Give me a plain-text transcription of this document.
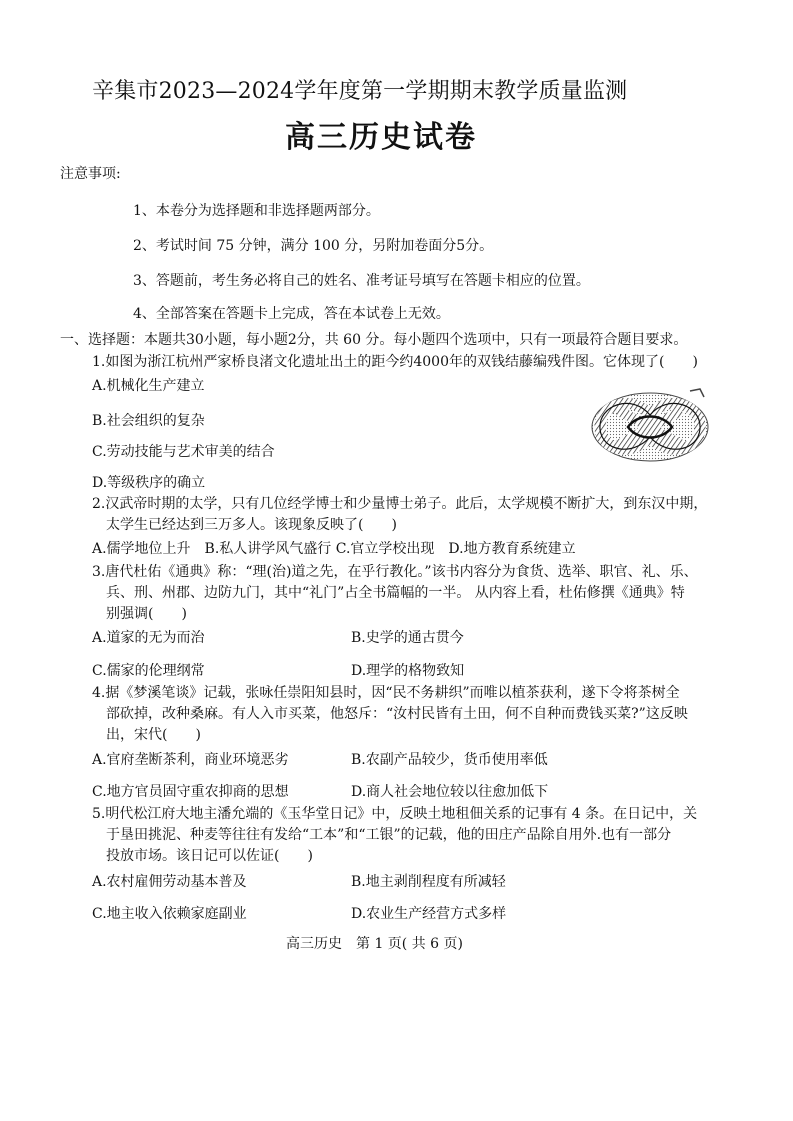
辛集市2023—2024学年度第一学期期末教学质量监测
高三历史试卷
注意事项:
1、本卷分为选择题和非选择题两部分。
2、考试时间 75 分钟，满分 100 分，另附加卷面分5分。
3、答题前，考生务必将自己的姓名、准考证号填写在答题卡相应的位置。
4、全部答案在答题卡上完成，答在本试卷上无效。
一、选择题：本题共30小题，每小题2分，共 60 分。每小题四个选项中，只有一项最符合题目要求。
1.如图为浙江杭州严家桥良渚文化遗址出土的距今约4000年的双钱结藤编残件图。它体现了(　　)
A.机械化生产建立
B.社会组织的复杂
C.劳动技能与艺术审美的结合
D.等级秩序的确立
2.汉武帝时期的太学，只有几位经学博士和少量博士弟子。此后，太学规模不断扩大，到东汉中期，
太学生已经达到三万多人。该现象反映了(　　)
A.儒学地位上升　B.私人讲学风气盛行 C.官立学校出现　D.地方教育系统建立
3.唐代杜佑《通典》称：“理(治)道之先，在乎行教化。”该书内容分为食货、选举、职官、礼、乐、
兵、刑、州郡、边防九门，其中“礼门”占全书篇幅的一半。 从内容上看，杜佑修撰《通典》特
别强调(　　)
A.道家的无为而治	B.史学的通古贯今
C.儒家的伦理纲常	D.理学的格物致知
4.据《梦溪笔谈》记载，张咏任崇阳知县时，因“民不务耕织”而唯以植茶获利，遂下令将茶树全
部砍掉，改种桑麻。有人入市买菜，他怒斥：“汝村民皆有土田，何不自种而费钱买菜?”这反映
出，宋代(　　)
A.官府垄断茶利，商业环境恶劣	B.农副产品较少，货币使用率低
C.地方官员固守重农抑商的思想	D.商人社会地位较以往愈加低下
5.明代松江府大地主潘允端的《玉华堂日记》中，反映土地租佃关系的记事有 4 条。在日记中，关
于垦田挑泥、种麦等往往有发给“工本”和“工银”的记载，他的田庄产品除自用外.也有一部分
投放市场。该日记可以佐证(　　)
A.农村雇佣劳动基本普及	B.地主剥削程度有所减轻
C.地主收入依赖家庭副业	D.农业生产经营方式多样
高三历史　第 1 页( 共 6 页)
